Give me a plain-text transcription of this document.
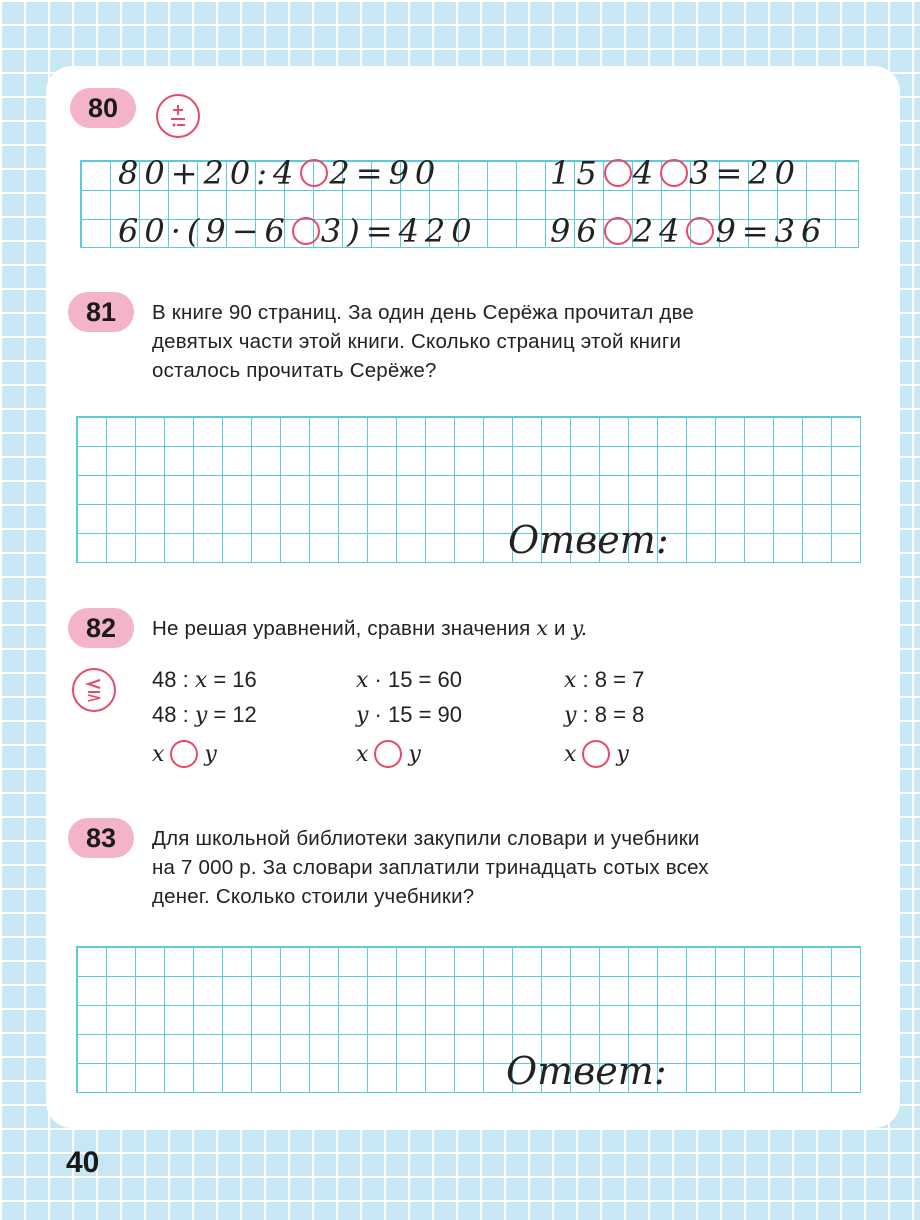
80
80+20:4 2=90	15 4 3=20
60·(9−6 3)=420 96 24 9=36
81 В книге 90 страниц. За один день Серёжа прочитал две
девятых части этой книги. Сколько страниц этой книги
осталось прочитать Серёже?
Ответ:
82 Не решая уравнений, сравни значения x и y.
48 : x = 16
48 : y = 12
x y
x · 15 = 60
y · 15 = 90
x y
x : 8 = 7
y : 8 = 8
x y
83 Для школьной библиотеки закупили словари и учебники
на 7 000 р. За словари заплатили тринадцать сотых всех
денег. Сколько стоили учебники?
Ответ:
40
